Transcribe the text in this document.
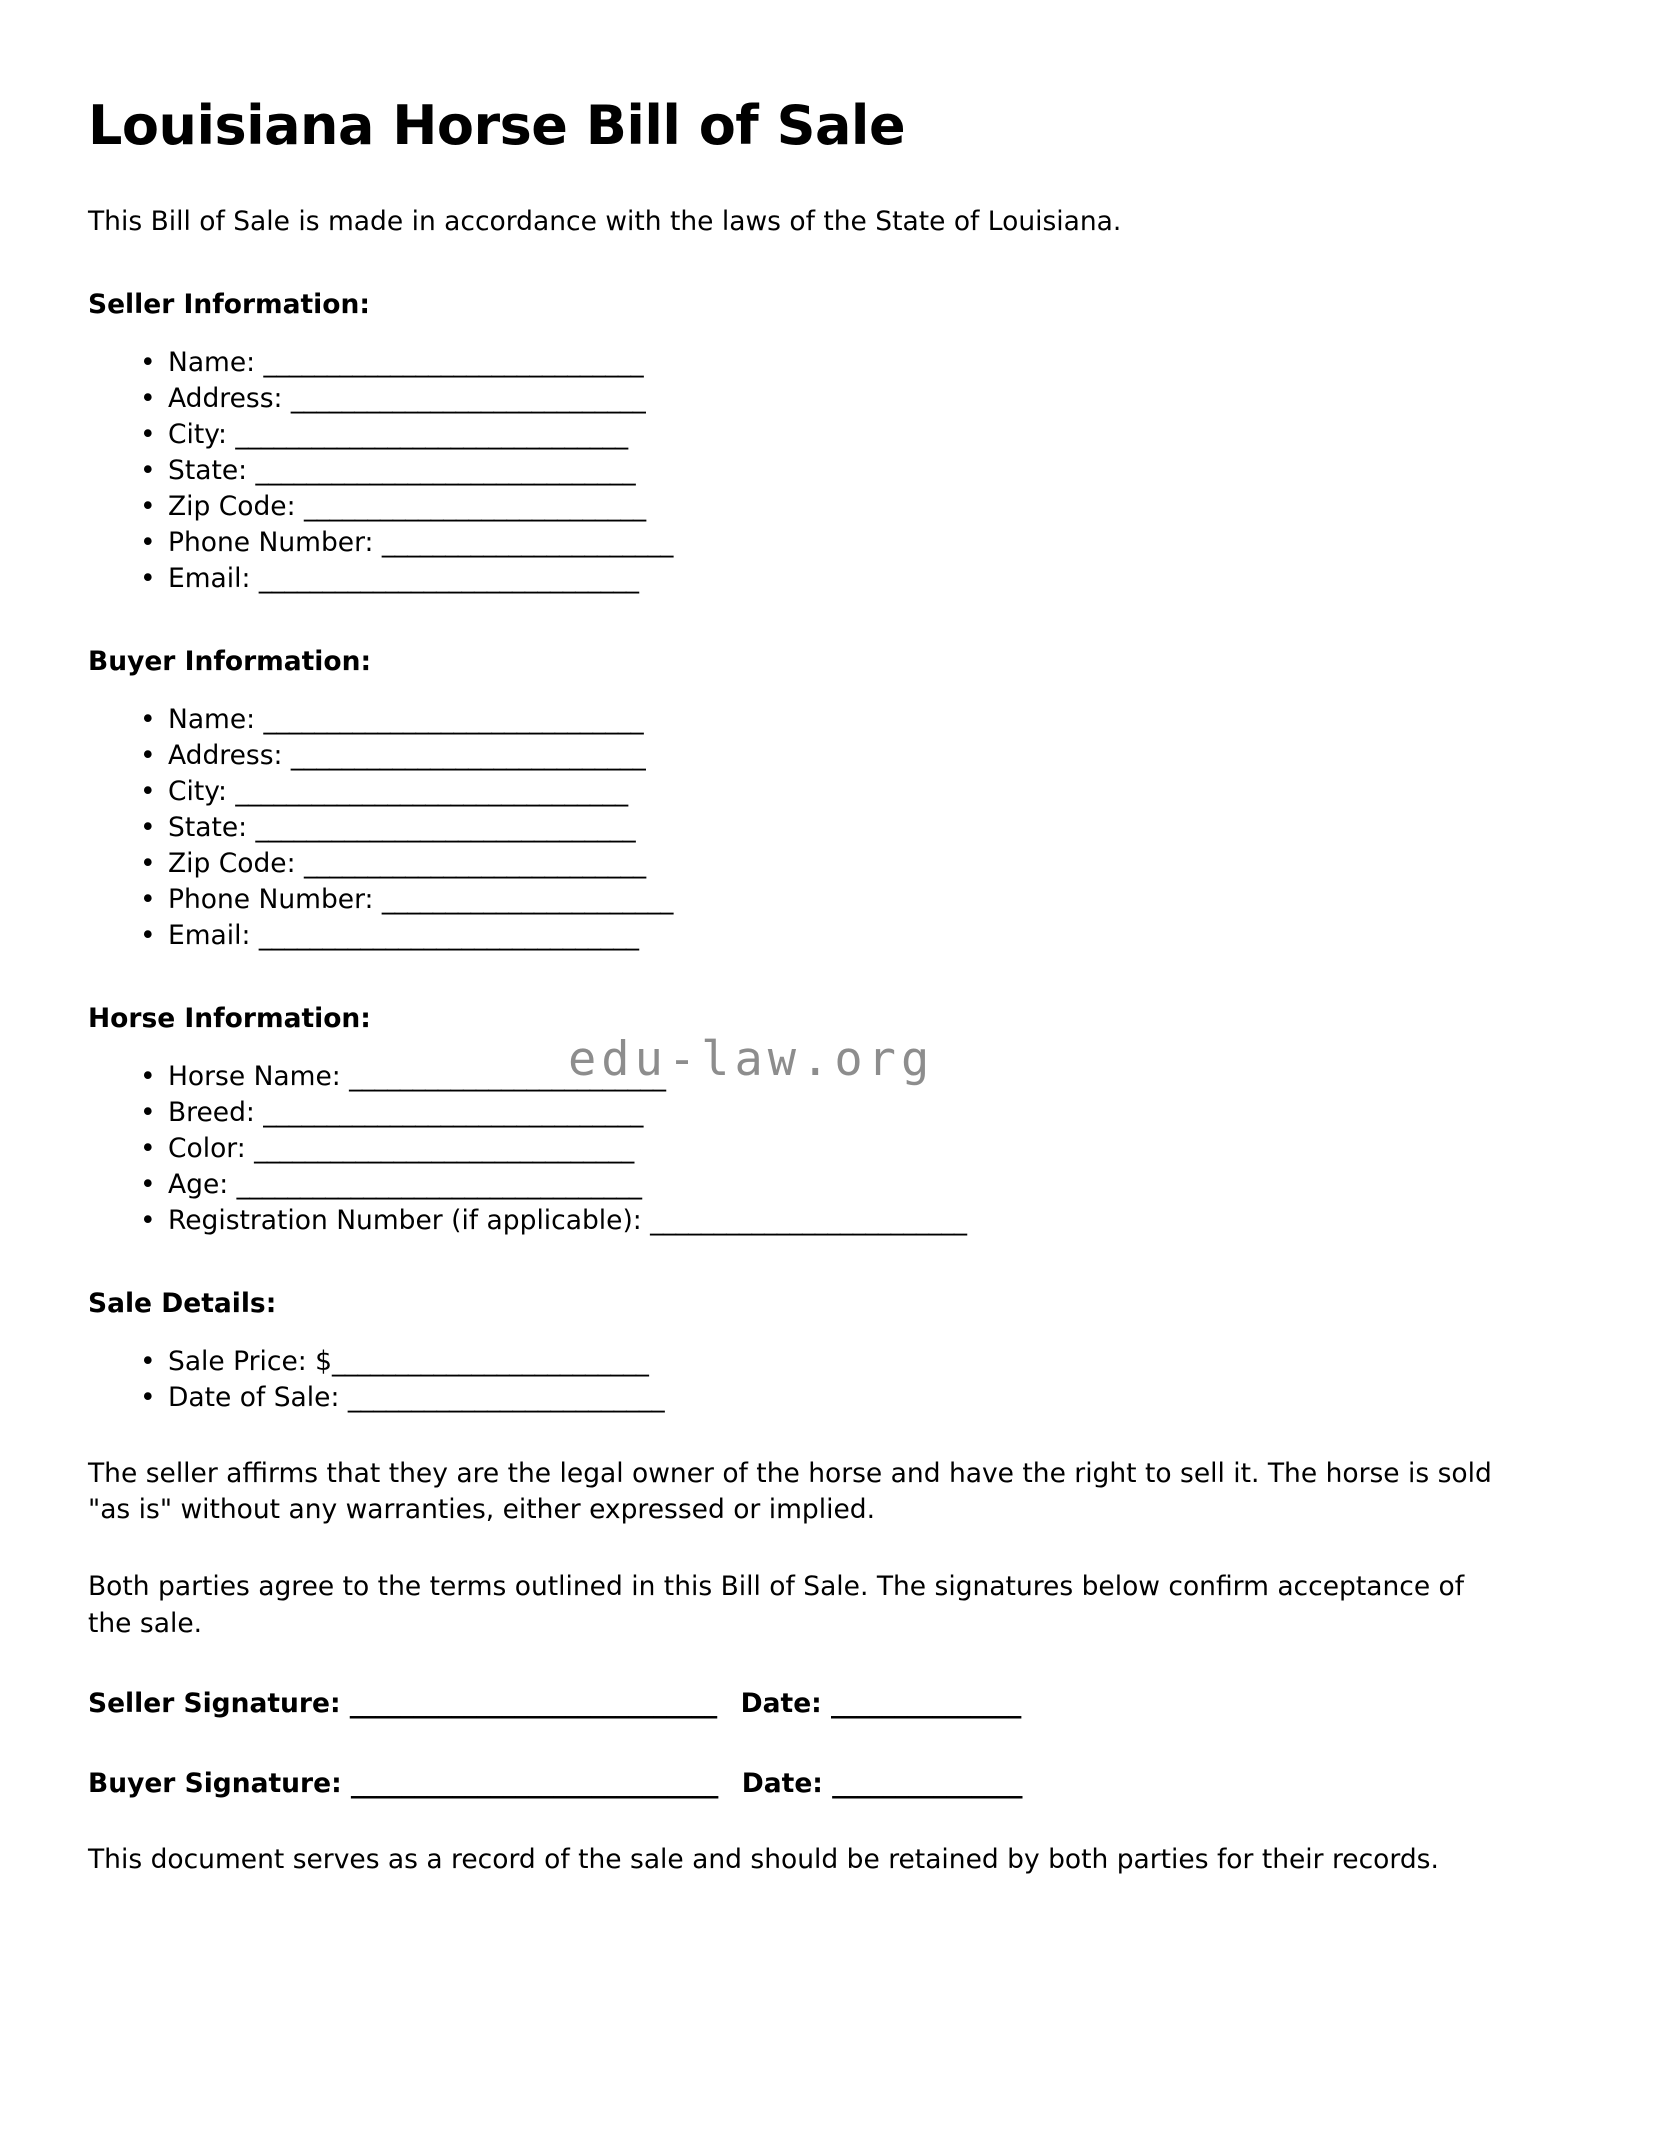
edu-law.org
Louisiana Horse Bill of Sale

This Bill of Sale is made in accordance with the laws of the State of Louisiana.

Seller Information:
• Name: ______________________________
• Address: ____________________________
• City: _______________________________
• State: ______________________________
• Zip Code: ___________________________
• Phone Number: _______________________
• Email: ______________________________
Buyer Information:
• Name: ______________________________
• Address: ____________________________
• City: _______________________________
• State: ______________________________
• Zip Code: ___________________________
• Phone Number: _______________________
• Email: ______________________________
Horse Information:
• Horse Name: _________________________
• Breed: ______________________________
• Color: ______________________________
• Age: ________________________________
• Registration Number (if applicable): _________________________
Sale Details:
• Sale Price: $_________________________
• Date of Sale: _________________________

The seller affirms that they are the legal owner of the horse and have the right to sell it. The horse is sold "as is" without any warranties, either expressed or implied.

Both parties agree to the terms outlined in this Bill of Sale. The signatures below confirm acceptance of the sale.

Seller Signature: _____________________________ Date: _______________

Buyer Signature: _____________________________ Date: _______________

This document serves as a record of the sale and should be retained by both parties for their records.
